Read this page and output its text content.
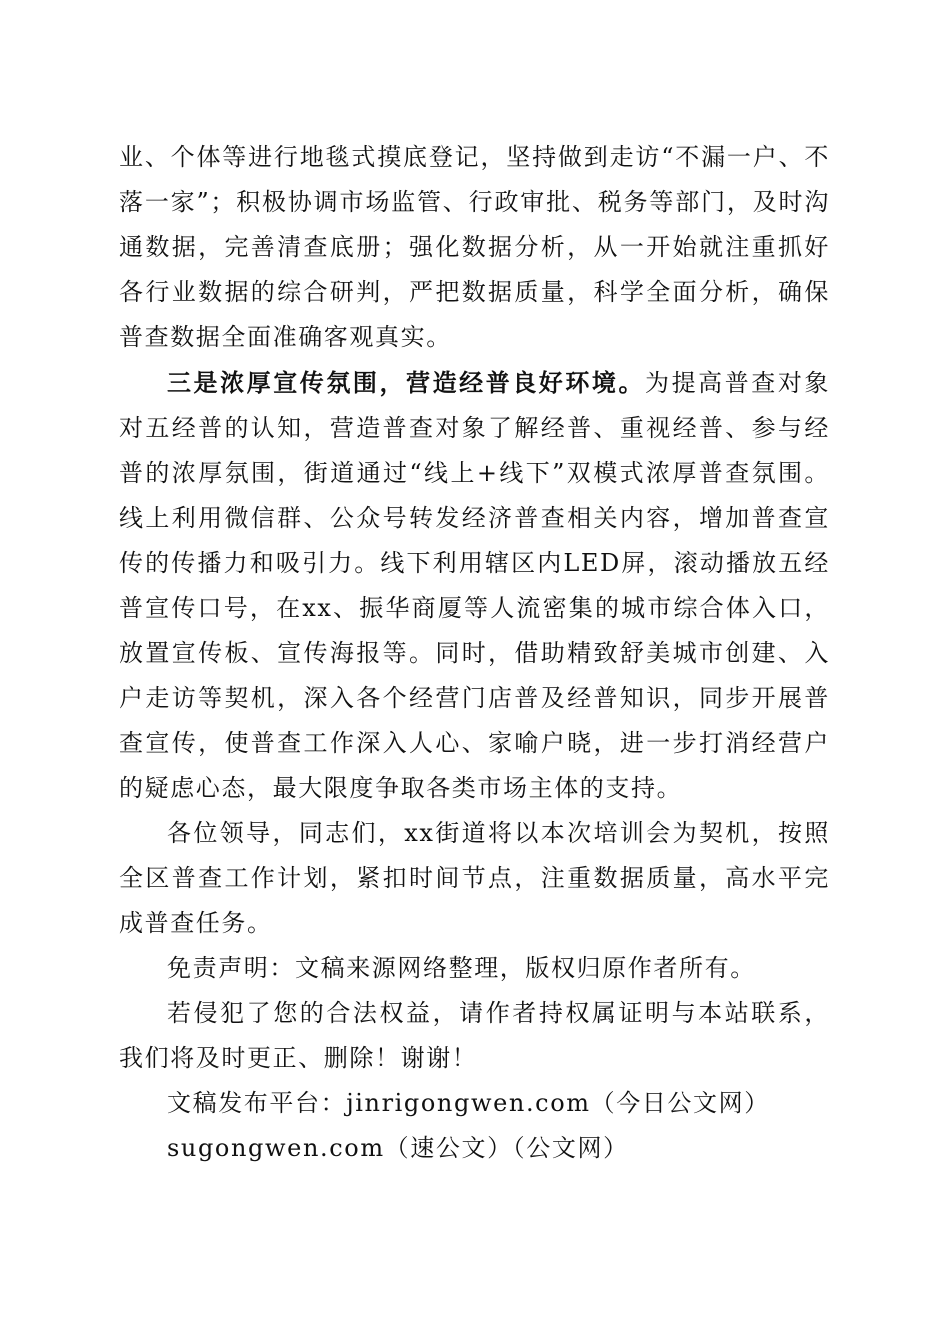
业、个体等进行地毯式摸底登记，坚持做到走访“不漏一户、不落一家”；积极协调市场监管、行政审批、税务等部门，及时沟通数据，完善清查底册；强化数据分析，从一开始就注重抓好各行业数据的综合研判，严把数据质量，科学全面分析，确保普查数据全面准确客观真实。

三是浓厚宣传氛围，营造经普良好环境。为提高普查对象对五经普的认知，营造普查对象了解经普、重视经普、参与经普的浓厚氛围，街道通过“线上+线下”双模式浓厚普查氛围。线上利用微信群、公众号转发经济普查相关内容，增加普查宣传的传播力和吸引力。线下利用辖区内LED屏，滚动播放五经普宣传口号，在xx、振华商厦等人流密集的城市综合体入口，放置宣传板、宣传海报等。同时，借助精致舒美城市创建、入户走访等契机，深入各个经营门店普及经普知识，同步开展普查宣传，使普查工作深入人心、家喻户晓，进一步打消经营户的疑虑心态，最大限度争取各类市场主体的支持。

各位领导，同志们，xx街道将以本次培训会为契机，按照全区普查工作计划，紧扣时间节点，注重数据质量，高水平完成普查任务。

免责声明：文稿来源网络整理，版权归原作者所有。

若侵犯了您的合法权益，请作者持权属证明与本站联系，我们将及时更正、删除！谢谢！

文稿发布平台：jinrigongwen.com（今日公文网）

sugongwen.com（速公文）（公文网）
